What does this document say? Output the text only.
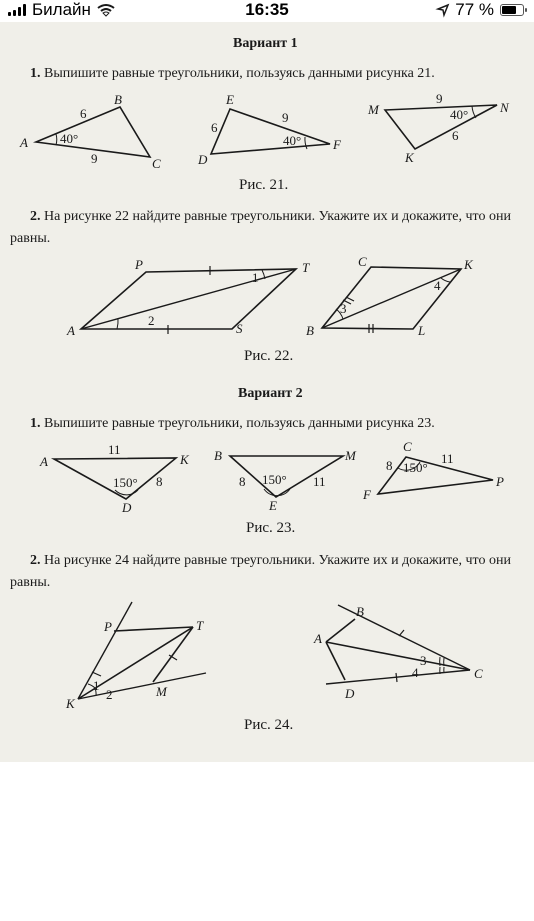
Билайн	16:35	77 %
Вариант 1
1. Выпишите равные треугольники, пользуясь данными рисунка 21.
A
B
C
6
9
40°
E
D
F
6
9
40°
M	N
K
9
6
40°
Рис. 21.
2. На рисунке 22 найдите равные треугольники. Укажите их и докажите, что они
равны.
P	T
A	S
1
2
C	K
B	L
3
4
Рис. 22.
Вариант 2
1. Выпишите равные треугольники, пользуясь данными рисунка 23.
A	K
D
11
8
150°
B	M
E
8	11
150°
C
F
P
8	11
150°
Рис. 23.
2. На рисунке 24 найдите равные треугольники. Укажите их и докажите, что они
равны.
P	T
K
M
1
2
B
A
D
C
3
4
Рис. 24.
